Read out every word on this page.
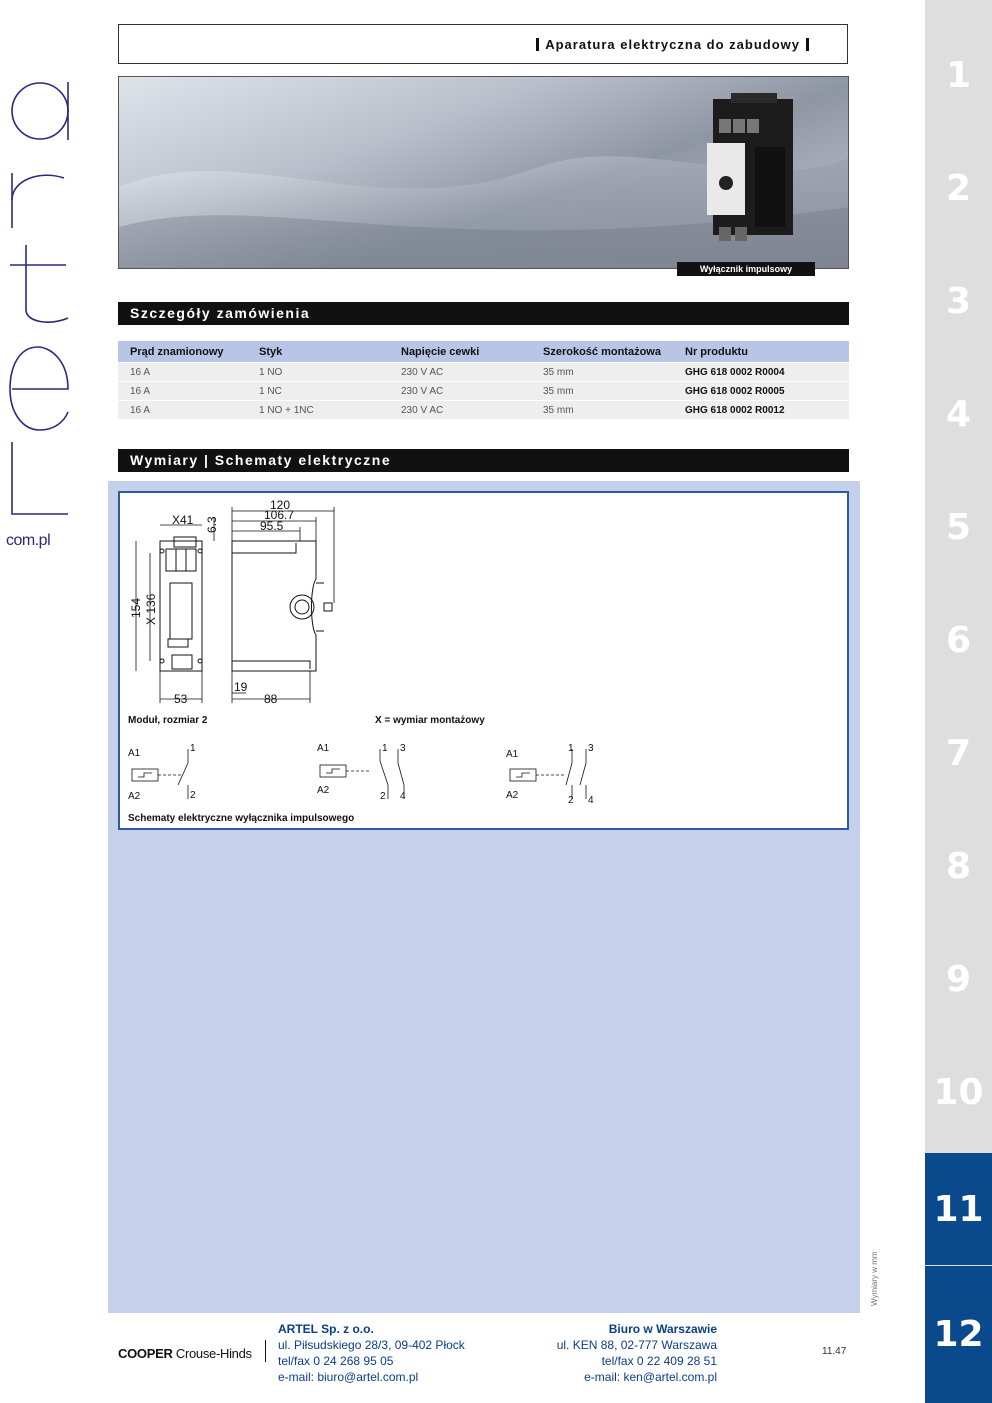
1
2
3
4
5
6
7
8
9
10
11
12
com.pl
Aparatura elektryczna do zabudowy
Wyłącznik impulsowy
Szczegóły zamówienia
Prąd znamionowy	Styk	Napięcie cewki	Szerokość montażowa	Nr produktu
16 A	1 NO	230 V AC	35 mm	GHG 618 0002 R0004
16 A	1 NC	230 V AC	35 mm	GHG 618 0002 R0005
16 A	1 NO + 1NC	230 V AC	35 mm	GHG 618 0002 R0012
Wymiary | Schematy elektryczne
120
106.7
95.5
X41 6.3
154 X 136
53
19
88
A1
A2
1
2
A1
A2
1 3
2 4
A1
A2
1 3
2 4
Moduł, rozmiar 2	X = wymiar montażowy
Schematy elektryczne wyłącznika impulsowego
Wymiary w mm
COOPER Crouse-Hinds
ARTEL Sp. z o.o.
ul. Piłsudskiego 28/3, 09-402 Płock
tel/fax 0 24 268 95 05
e-mail: biuro@artel.com.pl
Biuro w Warszawie
ul. KEN 88, 02-777 Warszawa
tel/fax 0 22 409 28 51
e-mail: ken@artel.com.pl
11.47
